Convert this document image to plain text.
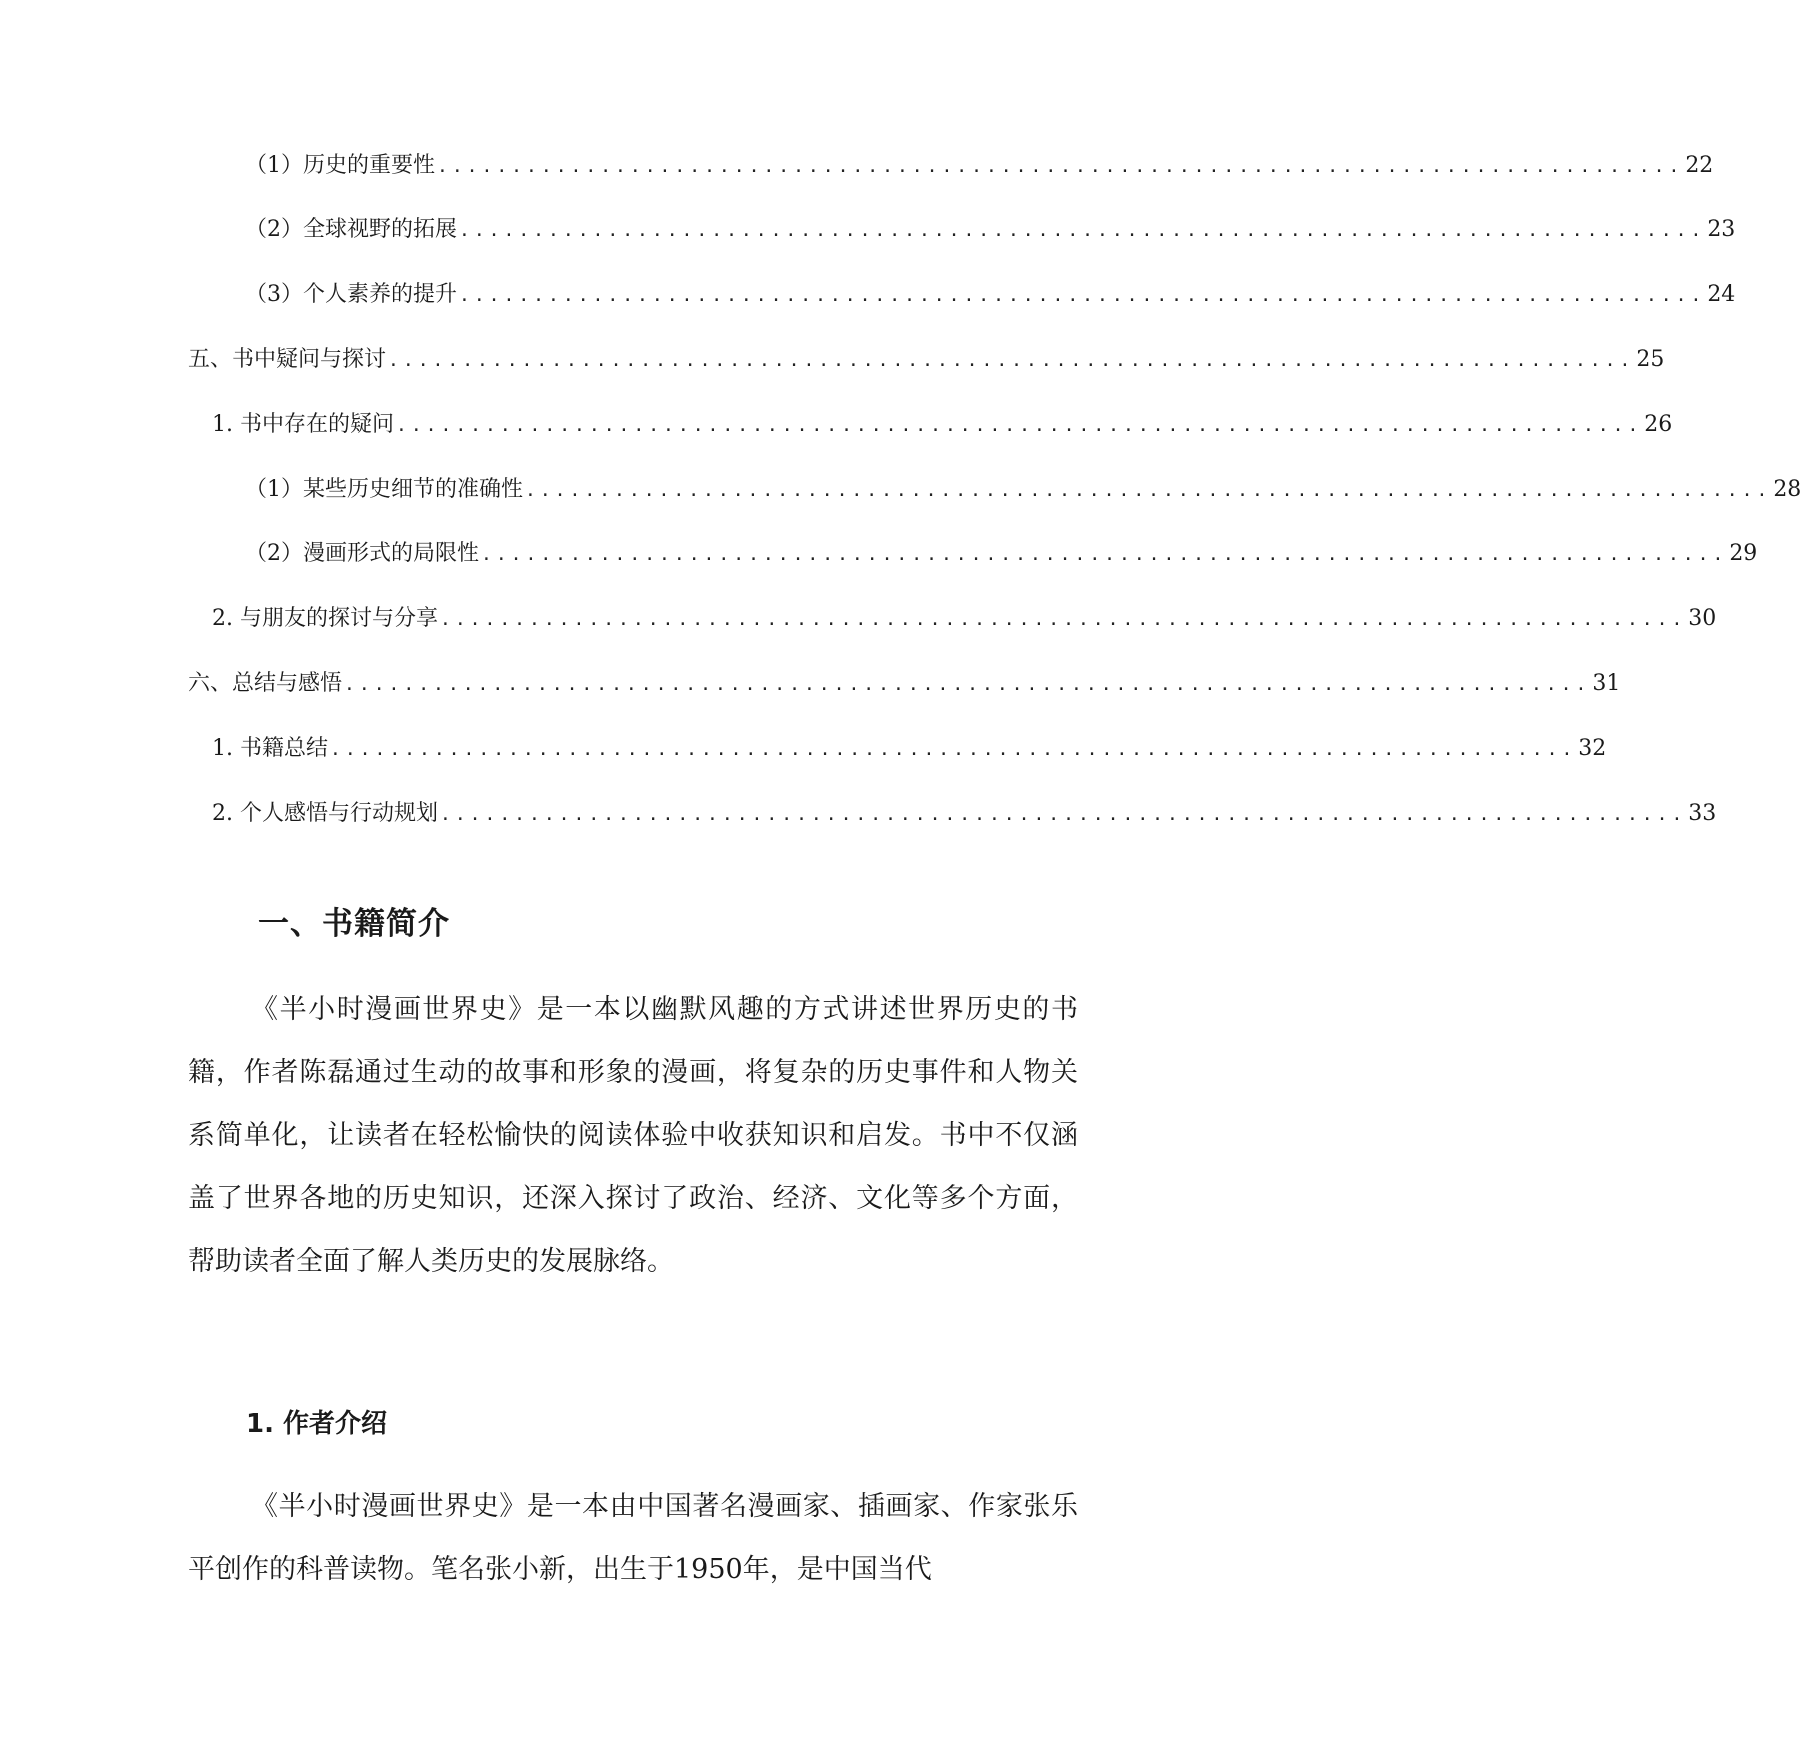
（1）历史的重要性 .................................................................................... 22
（2）全球视野的拓展 .................................................................................... 23
（3）个人素养的提升 .................................................................................... 24
五、书中疑问与探讨 .................................................................................... 25
1. 书中存在的疑问 .................................................................................... 26
（1）某些历史细节的准确性 .................................................................................... 28
（2）漫画形式的局限性 .................................................................................... 29
2. 与朋友的探讨与分享 .................................................................................... 30
六、总结与感悟 .................................................................................... 31
1. 书籍总结 .................................................................................... 32
2. 个人感悟与行动规划 .................................................................................... 33
一、书籍简介

《半小时漫画世界史》是一本以幽默风趣的方式讲述世界历史的书籍，作者陈磊通过生动的故事和形象的漫画，将复杂的历史事件和人物关系简单化，让读者在轻松愉快的阅读体验中收获知识和启发。书中不仅涵盖了世界各地的历史知识，还深入探讨了政治、经济、文化等多个方面，帮助读者全面了解人类历史的发展脉络。

1. 作者介绍

《半小时漫画世界史》是一本由中国著名漫画家、插画家、作家张乐平创作的科普读物。笔名张小新，出生于1950年，是中国当代
